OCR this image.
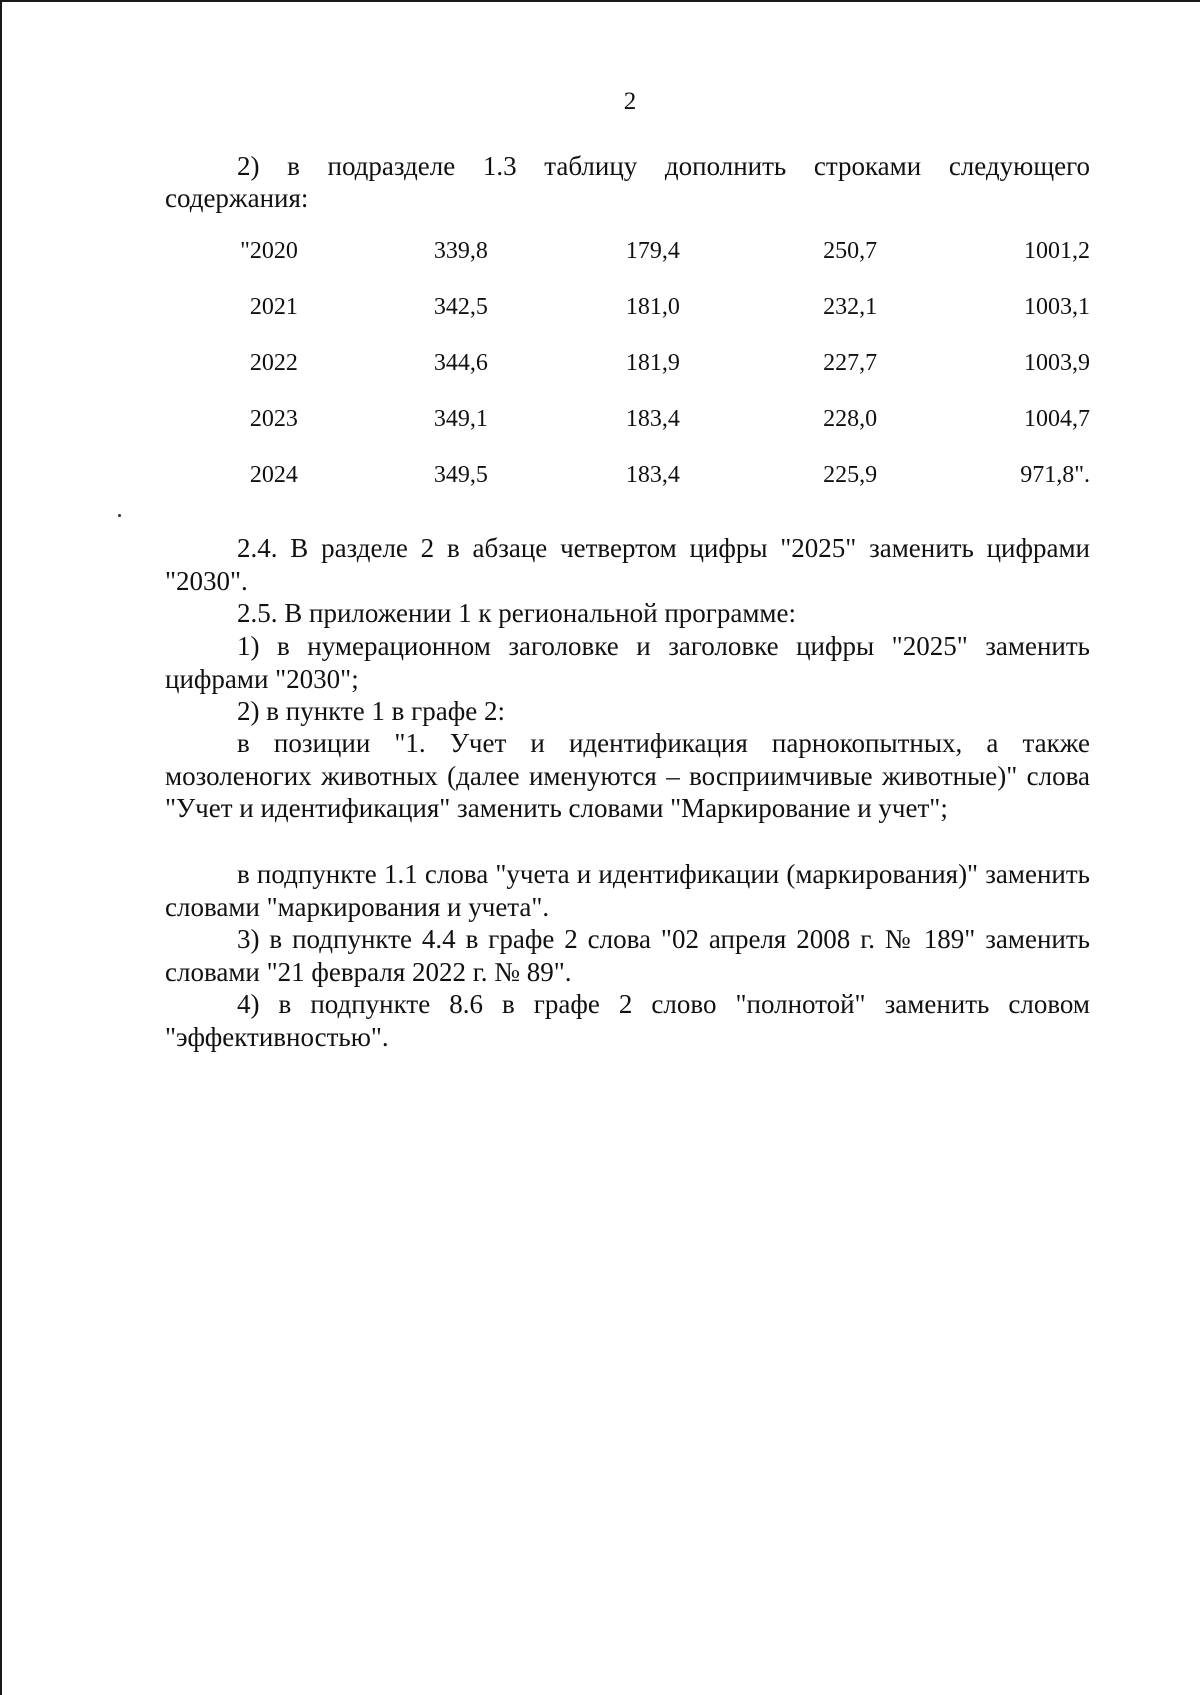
2

2) в подразделе 1.3 таблицу дополнить строками следующего

содержания:

"2020	339,8	179,4	250,7	1001,2
2021	342,5	181,0	232,1	1003,1
2022	344,6	181,9	227,7	1003,9
2023	349,1	183,4	228,0	1004,7
2024	349,5	183,4	225,9	971,8".

2.4. В разделе 2 в абзаце четвертом цифры "2025" заменить цифрами "2030".

2.5. В приложении 1 к региональной программе:

1) в нумерационном заголовке и заголовке цифры "2025" заменить цифрами "2030";

2) в пункте 1 в графе 2:

в позиции "1. Учет и идентификация парнокопытных, а также мозоленогих животных (далее именуются – восприимчивые животные)" слова "Учет и идентификация" заменить словами "Маркирование и учет";

в подпункте 1.1 слова "учета и идентификации (маркирования)" заменить словами "маркирования и учета".

3) в подпункте 4.4 в графе 2 слова "02 апреля 2008 г. № 189" заменить словами "21 февраля 2022 г. № 89".

4) в подпункте 8.6 в графе 2 слово "полнотой" заменить словом "эффективностью".
